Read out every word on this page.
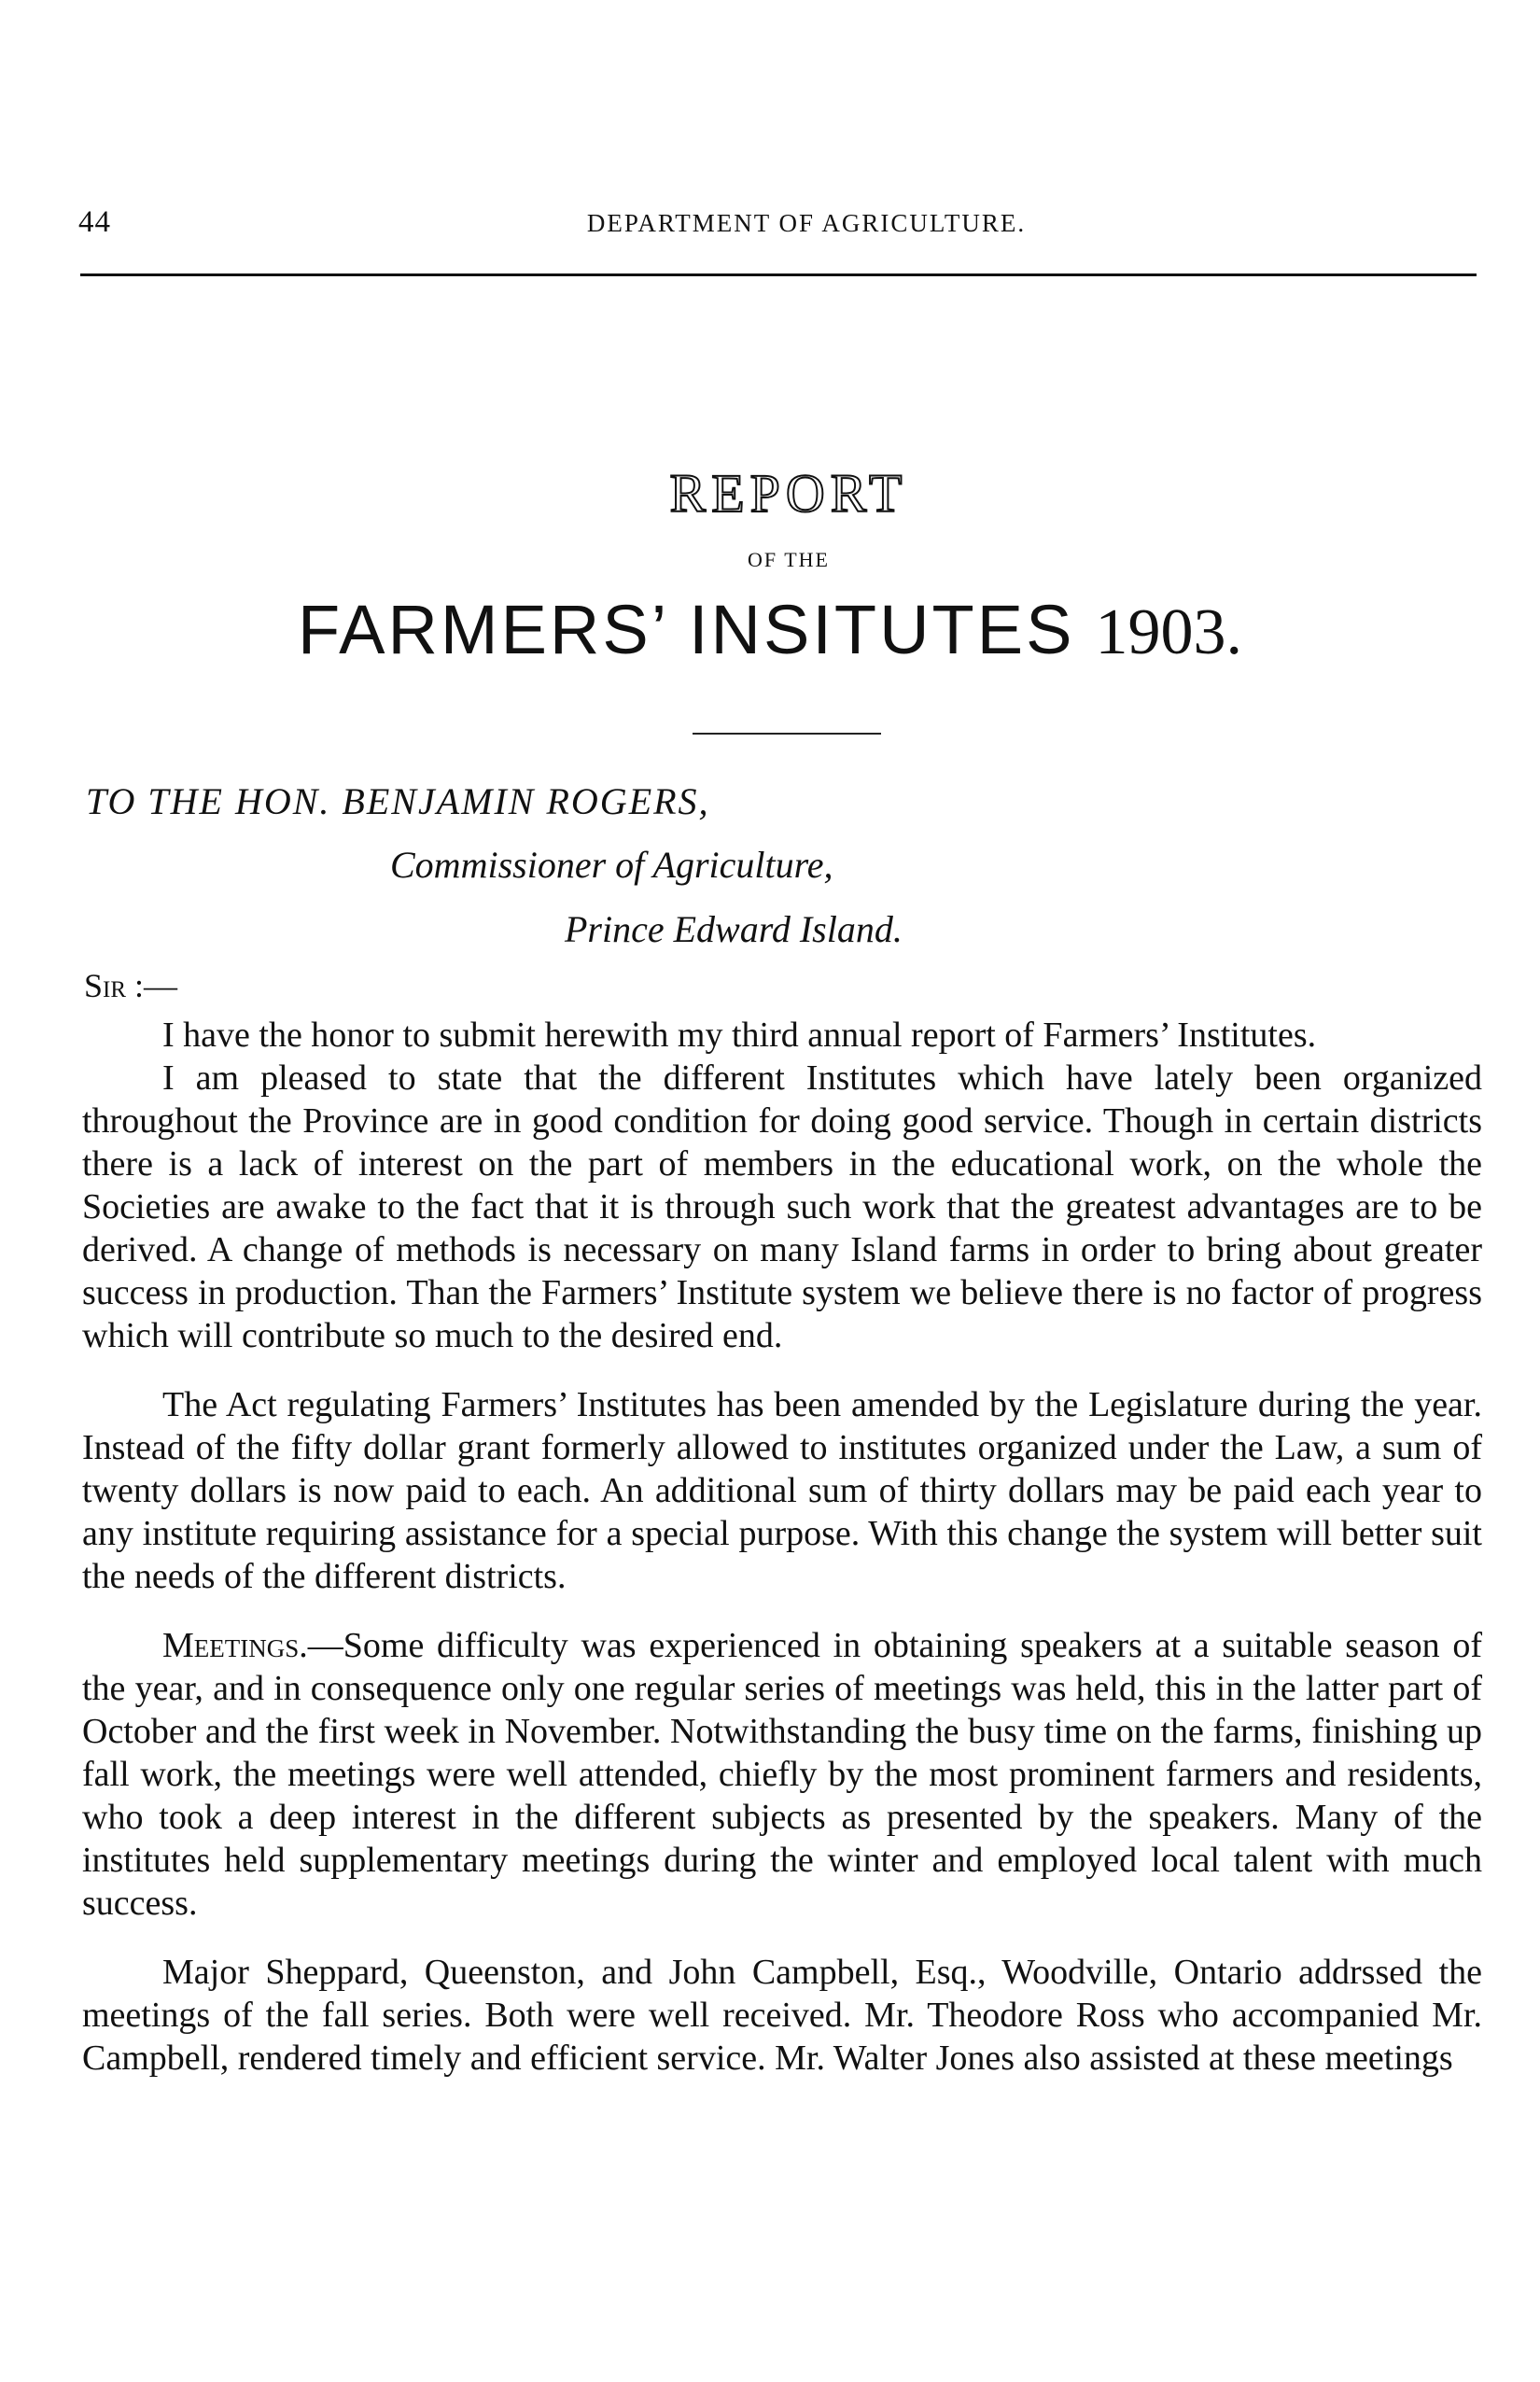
44	DEPARTMENT OF AGRICULTURE.
REPORT
OF THE
FARMERS’ INSITUTES 1903.
TO THE HON. BENJAMIN ROGERS,
Commissioner of Agriculture,
Prince Edward Island.
Sir :—

I have the honor to submit herewith my third annual report of Farmers’ Institutes.

I am pleased to state that the different Institutes which have lately been organized throughout the Province are in good condition for doing good service. Though in certain districts there is a lack of interest on the part of members in the educational work, on the whole the Societies are awake to the fact that it is through such work that the greatest advantages are to be derived. A change of methods is necessary on many Island farms in order to bring about greater success in production. Than the Farmers’ Institute system we believe there is no factor of progress which will contribute so much to the desired end.

The Act regulating Farmers’ Institutes has been amended by the Legislature during the year. Instead of the fifty dollar grant formerly allowed to institutes organized under the Law, a sum of twenty dollars is now paid to each. An additional sum of thirty dollars may be paid each year to any institute requiring assistance for a special purpose. With this change the system will better suit the needs of the different districts.

Meetings.—Some difficulty was experienced in obtaining speakers at a suitable season of the year, and in consequence only one regular series of meetings was held, this in the latter part of October and the first week in November. Notwithstanding the busy time on the farms, finishing up fall work, the meetings were well attended, chiefly by the most prominent farmers and residents, who took a deep interest in the different subjects as presented by the speakers. Many of the institutes held supplementary meetings during the winter and employed local talent with much success.

Major Sheppard, Queenston, and John Campbell, Esq., Woodville, Ontario addrssed the meetings of the fall series. Both were well received. Mr. Theodore Ross who accompanied Mr. Campbell, rendered timely and efficient service. Mr. Walter Jones also assisted at these meetings
